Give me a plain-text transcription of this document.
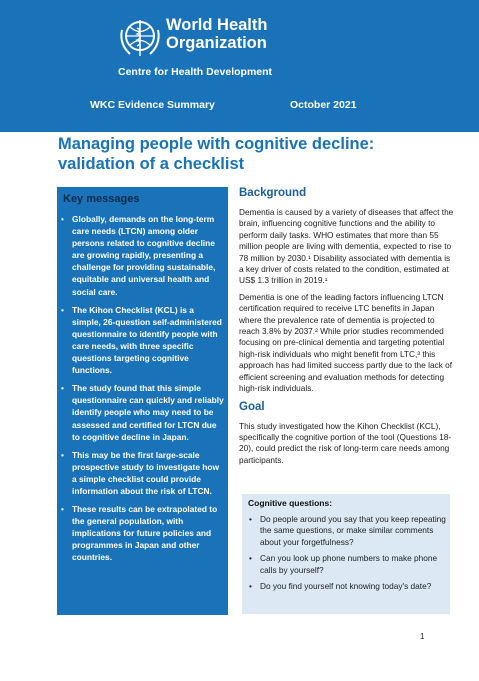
World Health
Organization
Centre for Health Development
WKC Evidence Summary	October 2021
Managing people with cognitive decline:
validation of a checklist
Key messages
• Globally, demands on the long-term care needs (LTCN) among older persons related to cognitive decline are growing rapidly, presenting a challenge for providing sustainable, equitable and universal health and social care.
• The Kihon Checklist (KCL) is a simple, 26-question self-administered questionnaire to identify people with care needs, with three specific questions targeting cognitive functions.
• The study found that this simple questionnaire can quickly and reliably identify people who may need to be assessed and certified for LTCN due to cognitive decline in Japan.
• This may be the first large-scale prospective study to investigate how a simple checklist could provide information about the risk of LTCN.
• These results can be extrapolated to the general population, with implications for future policies and programmes in Japan and other countries.
Background

Dementia is caused by a variety of diseases that affect the brain, influencing cognitive functions and the ability to perform daily tasks. WHO estimates that more than 55 million people are living with dementia, expected to rise to 78 million by 2030.¹ Disability associated with dementia is a key driver of costs related to the condition, estimated at US$ 1.3 trillion in 2019.¹

Dementia is one of the leading factors influencing LTCN certification required to receive LTC benefits in Japan where the prevalence rate of dementia is projected to reach 3.8% by 2037.² While prior studies recommended focusing on pre-clinical dementia and targeting potential high-risk individuals who might benefit from LTC,³ this approach has had limited success partly due to the lack of efficient screening and evaluation methods for detecting high-risk individuals.

Goal

This study investigated how the Kihon Checklist (KCL), specifically the cognitive portion of the tool (Questions 18-20), could predict the risk of long-term care needs among participants.

Cognitive questions:
• Do people around you say that you keep repeating the same questions, or make similar comments about your forgetfulness?
• Can you look up phone numbers to make phone calls by yourself?
• Do you find yourself not knowing today's date?
1
